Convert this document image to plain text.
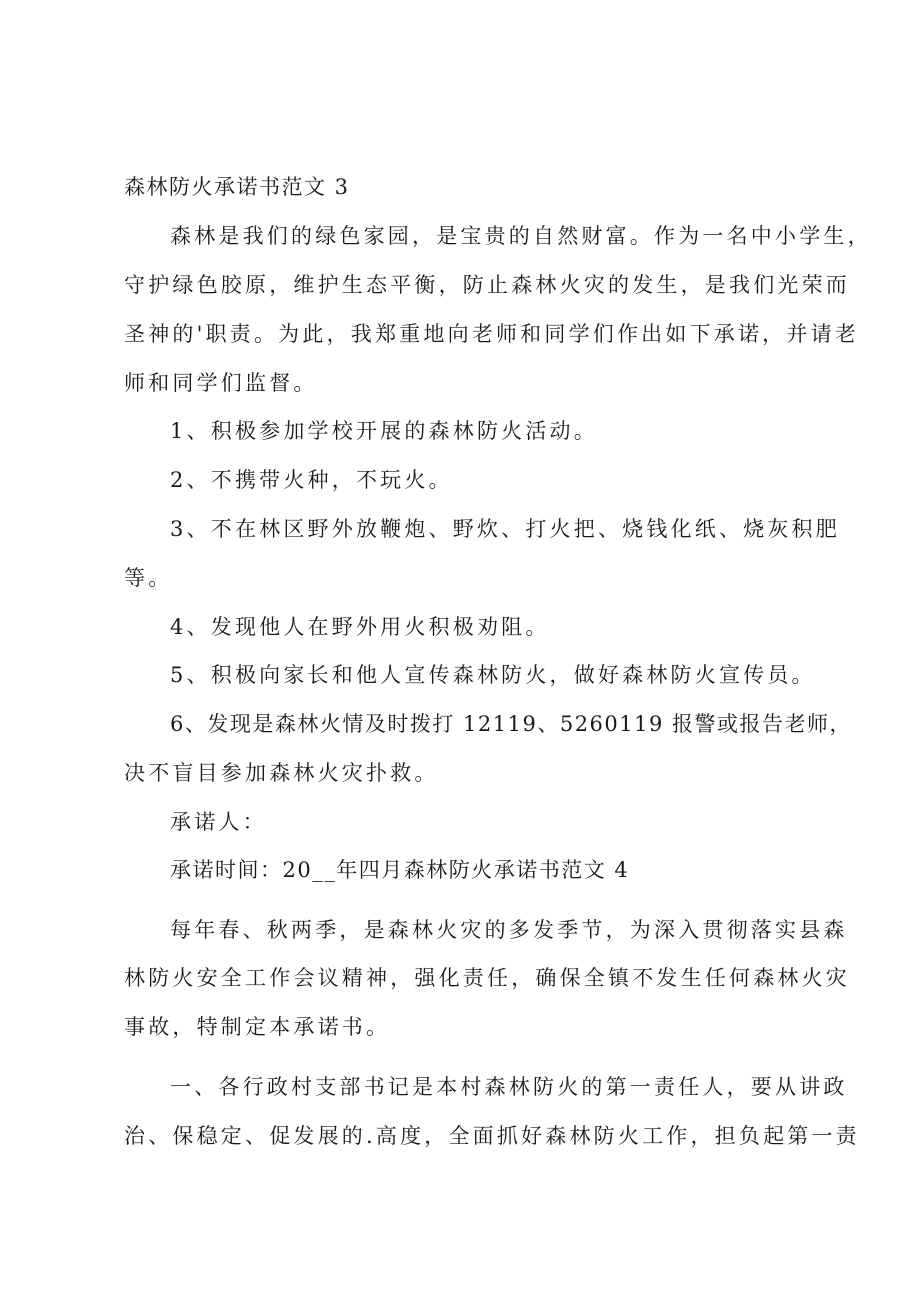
森林防火承诺书范文 3
森林是我们的绿色家园，是宝贵的自然财富。作为一名中小学生，
守护绿色胶原，维护生态平衡，防止森林火灾的发生，是我们光荣而
圣神的'职责。为此，我郑重地向老师和同学们作出如下承诺，并请老
师和同学们监督。
1、积极参加学校开展的森林防火活动。
2、不携带火种，不玩火。
3、不在林区野外放鞭炮、野炊、打火把、烧钱化纸、烧灰积肥
等。
4、发现他人在野外用火积极劝阻。
5、积极向家长和他人宣传森林防火，做好森林防火宣传员。
6、发现是森林火情及时拨打 12119、5260119 报警或报告老师，
决不盲目参加森林火灾扑救。
承诺人：
承诺时间：20__年四月森林防火承诺书范文 4
每年春、秋两季，是森林火灾的多发季节，为深入贯彻落实县森
林防火安全工作会议精神，强化责任，确保全镇不发生任何森林火灾
事故，特制定本承诺书。
一、各行政村支部书记是本村森林防火的第一责任人，要从讲政
治、保稳定、促发展的.高度，全面抓好森林防火工作，担负起第一责
